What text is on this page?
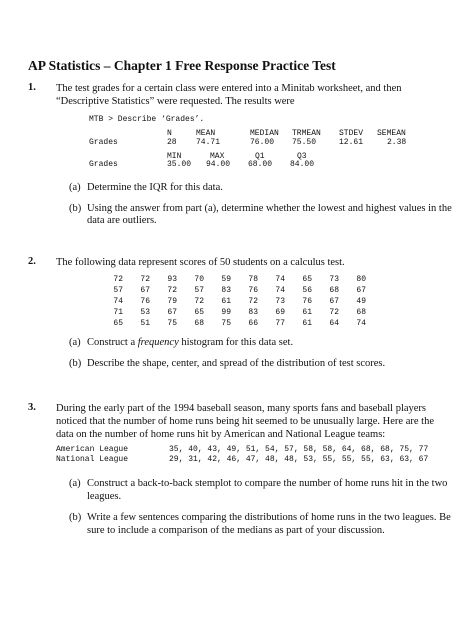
AP Statistics – Chapter 1 Free Response Practice Test
1. The test grades for a certain class were entered into a Minitab worksheet, and then
“Descriptive Statistics” were requested. The results were
MTB > Describe ‘Grades’.
N	MEAN	MEDIAN TRMEAN STDEV SEMEAN
Grades	28 74.71	76.00 75.50	12.61	2.38
MIN	MAX	Q1	Q3
Grades	35.00 94.00 68.00 84.00
(a) Determine the IQR for this data.
(b) Using the answer from part (a), determine whether the lowest and highest values in the
data are outliers.
2. The following data represent scores of 50 students on a calculus test.
72	72	93	70	59	78	74	65	73	80
57	67	72	57	83	76	74	56	68	67
74	76	79	72	61	72	73	76	67	49
71	53	67	65	99	83	69	61	72	68
65	51	75	68	75	66	77	61	64	74
(a) Construct a frequency histogram for this data set.
(b) Describe the shape, center, and spread of the distribution of test scores.
3. During the early part of the 1994 baseball season, many sports fans and baseball players
noticed that the number of home runs being hit seemed to be unusually large. Here are the
data on the number of home runs hit by American and National League teams:
American League	35, 40, 43, 49, 51, 54, 57, 58, 58, 64, 68, 68, 75, 77
National League	29, 31, 42, 46, 47, 48, 48, 53, 55, 55, 55, 63, 63, 67
(a) Construct a back-to-back stemplot to compare the number of home runs hit in the two
leagues.
(b) Write a few sentences comparing the distributions of home runs in the two leagues. Be
sure to include a comparison of the medians as part of your discussion.
